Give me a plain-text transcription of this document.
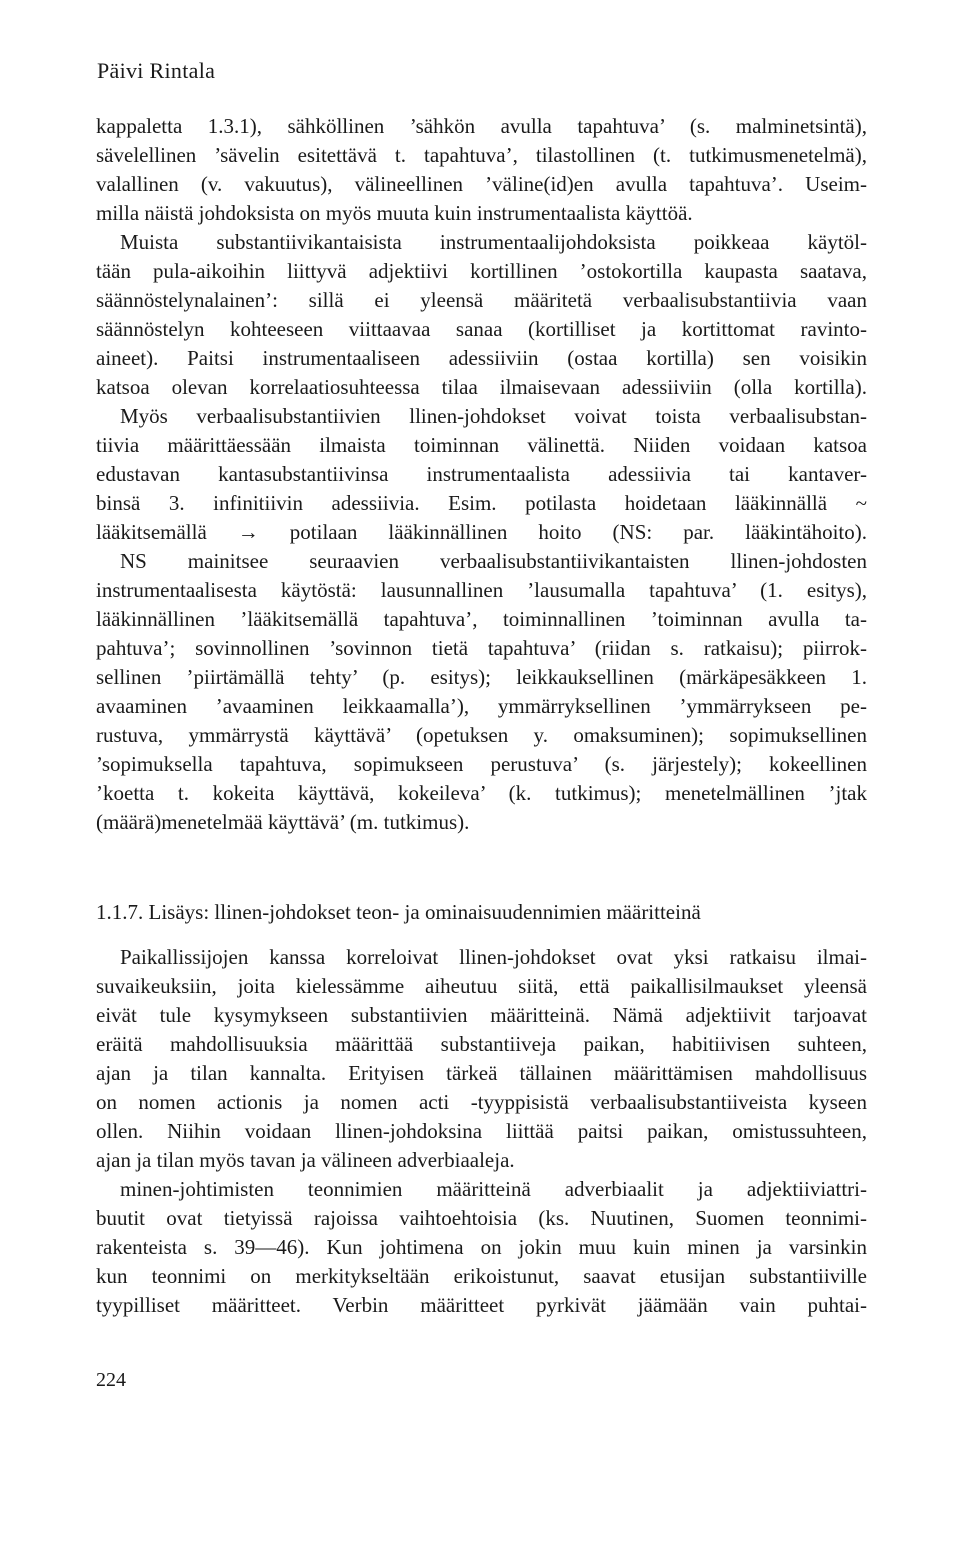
Päivi Rintala
kappaletta 1.3.1), sähköllinen ’sähkön avulla tapahtuva’ (s. malminetsintä),
sävelellinen ’sävelin esitettävä t. tapahtuva’, tilastollinen (t. tutkimusmenetelmä),
valallinen (v. vakuutus), välineellinen ’väline(id)en avulla tapahtuva’. Useim-
milla näistä johdoksista on myös muuta kuin instrumentaalista käyttöä.
Muista substantiivikantaisista instrumentaalijohdoksista poikkeaa käytöl-
tään pula-aikoihin liittyvä adjektiivi kortillinen ’ostokortilla kaupasta saatava,
säännöstelynalainen’: sillä ei yleensä määritetä verbaalisubstantiivia vaan
säännöstelyn kohteeseen viittaavaa sanaa (kortilliset ja kortittomat ravinto-
aineet). Paitsi instrumentaaliseen adessiiviin (ostaa kortilla) sen voisikin
katsoa olevan korrelaatiosuhteessa tilaa ilmaisevaan adessiiviin (olla kortilla).
Myös verbaalisubstantiivien llinen-johdokset voivat toista verbaalisubstan-
tiivia määrittäessään ilmaista toiminnan välinettä. Niiden voidaan katsoa
edustavan kantasubstantiivinsa instrumentaalista adessiivia tai kantaver-
binsä 3. infinitiivin adessiivia. Esim. potilasta hoidetaan lääkinnällä ~
lääkitsemällä → potilaan lääkinnällinen hoito (NS: par. lääkintähoito).
NS mainitsee seuraavien verbaalisubstantiivikantaisten llinen-johdosten
instrumentaalisesta käytöstä: lausunnallinen ’lausumalla tapahtuva’ (1. esitys),
lääkinnällinen ’lääkitsemällä tapahtuva’, toiminnallinen ’toiminnan avulla ta-
pahtuva’; sovinnollinen ’sovinnon tietä tapahtuva’ (riidan s. ratkaisu); piirrok-
sellinen ’piirtämällä tehty’ (p. esitys); leikkauksellinen (märkäpesäkkeen 1.
avaaminen ’avaaminen leikkaamalla’), ymmärryksellinen ’ymmärrykseen pe-
rustuva, ymmärrystä käyttävä’ (opetuksen y. omaksuminen); sopimuksellinen
’sopimuksella tapahtuva, sopimukseen perustuva’ (s. järjestely); kokeellinen
’koetta t. kokeita käyttävä, kokeileva’ (k. tutkimus); menetelmällinen ’jtak
(määrä)menetelmää käyttävä’ (m. tutkimus).
1.1.7. Lisäys: llinen-johdokset teon- ja ominaisuudennimien määritteinä
Paikallissijojen kanssa korreloivat llinen-johdokset ovat yksi ratkaisu ilmai-
suvaikeuksiin, joita kielessämme aiheutuu siitä, että paikallisilmaukset yleensä
eivät tule kysymykseen substantiivien määritteinä. Nämä adjektiivit tarjoavat
eräitä mahdollisuuksia määrittää substantiiveja paikan, habitiivisen suhteen,
ajan ja tilan kannalta. Erityisen tärkeä tällainen määrittämisen mahdollisuus
on nomen actionis ja nomen acti -tyyppisistä verbaalisubstantiiveista kyseen
ollen. Niihin voidaan llinen-johdoksina liittää paitsi paikan, omistussuhteen,
ajan ja tilan myös tavan ja välineen adverbiaaleja.
minen-johtimisten teonnimien määritteinä adverbiaalit ja adjektiiviattri-
buutit ovat tietyissä rajoissa vaihtoehtoisia (ks. Nuutinen, Suomen teonnimi-
rakenteista s. 39—46). Kun johtimena on jokin muu kuin minen ja varsinkin
kun teonnimi on merkitykseltään erikoistunut, saavat etusijan substantiiville
tyypilliset määritteet. Verbin määritteet pyrkivät jäämään vain puhtai-
224
